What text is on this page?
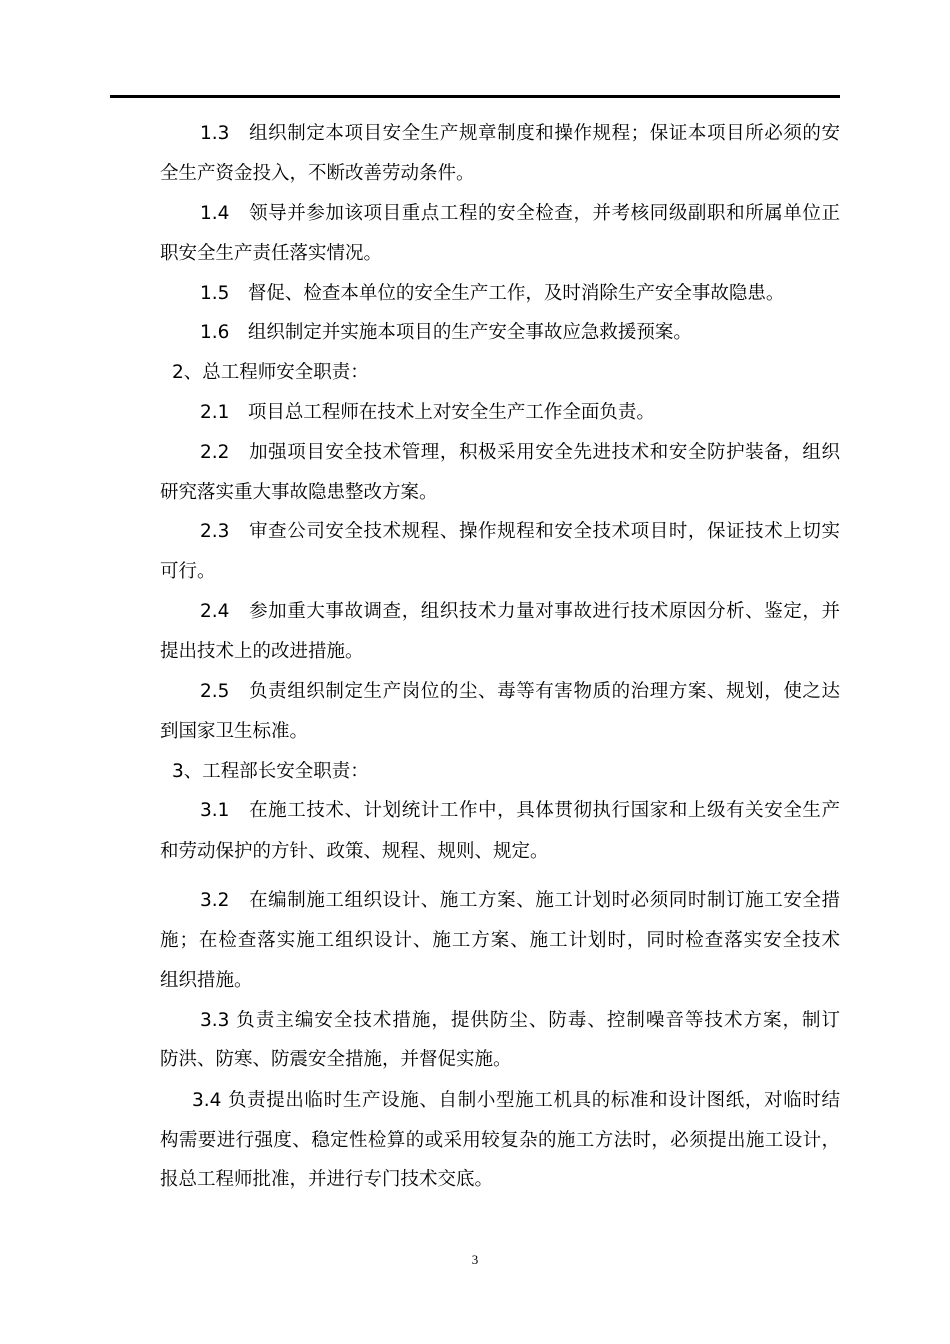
1.3　组织制定本项目安全生产规章制度和操作规程；保证本项目所必须的安
全生产资金投入，不断改善劳动条件。
1.4　领导并参加该项目重点工程的安全检查，并考核同级副职和所属单位正
职安全生产责任落实情况。
1.5　督促、检查本单位的安全生产工作，及时消除生产安全事故隐患。
1.6　组织制定并实施本项目的生产安全事故应急救援预案。
2、总工程师安全职责：
2.1　项目总工程师在技术上对安全生产工作全面负责。
2.2　加强项目安全技术管理，积极采用安全先进技术和安全防护装备，组织
研究落实重大事故隐患整改方案。
2.3　审查公司安全技术规程、操作规程和安全技术项目时，保证技术上切实
可行。
2.4　参加重大事故调查，组织技术力量对事故进行技术原因分析、鉴定，并
提出技术上的改进措施。
2.5　负责组织制定生产岗位的尘、毒等有害物质的治理方案、规划，使之达
到国家卫生标准。
3、工程部长安全职责：
3.1　在施工技术、计划统计工作中，具体贯彻执行国家和上级有关安全生产
和劳动保护的方针、政策、规程、规则、规定。
3.2　在编制施工组织设计、施工方案、施工计划时必须同时制订施工安全措
施；在检查落实施工组织设计、施工方案、施工计划时，同时检查落实安全技术
组织措施。
3.3 负责主编安全技术措施，提供防尘、防毒、控制噪音等技术方案，制订
防洪、防寒、防震安全措施，并督促实施。
3.4 负责提出临时生产设施、自制小型施工机具的标准和设计图纸，对临时结
构需要进行强度、稳定性检算的或采用较复杂的施工方法时，必须提出施工设计，
报总工程师批准，并进行专门技术交底。
3
